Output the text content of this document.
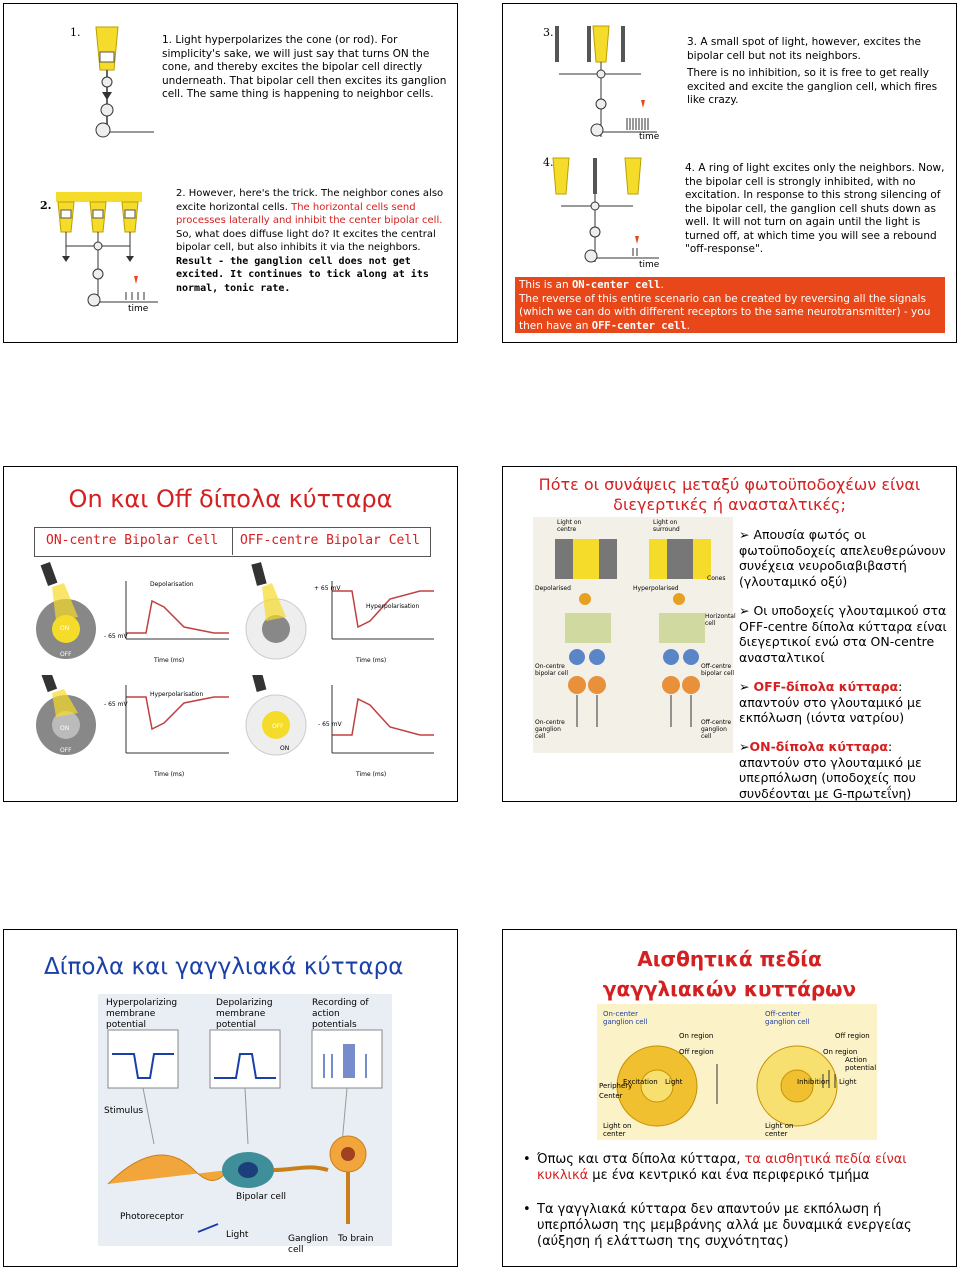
1.
1. Light hyperpolarizes the cone (or rod). For simplicity's sake, we will just say that turns ON the cone, and thereby excites the bipolar cell directly underneath. That bipolar cell then excites its ganglion cell. The same thing is happening to neighbor cells.
2.
time
2. However, here's the trick. The neighbor cones also excite horizontal cells. The horizontal cells send processes laterally and inhibit the center bipolar cell.
So, what does diffuse light do? It excites the central bipolar cell, but also inhibits it via the neighbors.
Result - the ganglion cell does not get excited. It continues to tick along at its normal, tonic rate.
3.
time
3. A small spot of light, however, excites the bipolar cell but not its neighbors.
There is no inhibition, so it is free to get really excited and excite the ganglion cell, which fires like crazy.
4.
time
4. A ring of light excites only the neighbors. Now, the bipolar cell is strongly inhibited, with no excitation. In response to this strong silencing of the bipolar cell, the ganglion cell shuts down as well. It will not turn on again until the light is turned off, at which time you will see a rebound "off-response".
This is an ON-center cell.
The reverse of this entire scenario can be created by reversing all the signals (which we can do with different receptors to the same neurotransmitter) - you then have an OFF-center cell.
On και Off δίπολα κύτταρα
ON-centre Bipolar Cell OFF-centre Bipolar Cell
Depolarisation
- 65 mV
ON
OFF
Time (ms)
Hyperpolarisation
+ 65 mV
Time (ms)
Hyperpolarisation
- 65 mV
ON
OFF
Time (ms)
- 65 mV
ON
OFF
Time (ms)
Πότε οι συνάψεις μεταξύ φωτοϋποδοχέων είναι διεγερτικές ή ανασταλτικές;
Light on centre
Light on surround
Cones
Depolarised	Hyperpolarised
Horizontal cell
On-centre bipolar cell
Off-centre bipolar cell
On-centre ganglion cell
Off-centre ganglion cell
➢ Απουσία φωτός οι φωτοϋποδοχείς απελευθερώνουν συνέχεια νευροδιαβιβαστή (γλουταμικό οξύ)
➢ Οι υποδοχείς γλουταμικού στα OFF-centre δίπολα κύτταρα είναι διεγερτικοί ενώ στα ON-centre ανασταλτικοί
➢ OFF-δίπολα κύτταρα: απαντούν στο γλουταμικό με εκπόλωση (ιόντα νατρίου)
➢ON-δίπολα κύτταρα: απαντούν στο γλουταμικό με υπερπόλωση (υποδοχείς που συνδέονται με G-πρωτεΐνη)
Δίπολα και γαγγλιακά κύτταρα
Hyperpolarizing membrane potential
Depolarizing membrane potential
Recording of action potentials
Stimulus
Photoreceptor
Bipolar cell
Light	Ganglion cell
To brain
Αισθητικά πεδία γαγγλιακών κυττάρων
On-center ganglion cell
Off-center ganglion cell
On region
Off region
Off region
On region
Action potential
Excitation Light	Inhibition Light
Periphery
Center
Light on center
Light on center
• Όπως και στα δίπολα κύτταρα, τα αισθητικά πεδία είναι κυκλικά με ένα κεντρικό και ένα περιφερικό τμήμα
• Τα γαγγλιακά κύτταρα δεν απαντούν με εκπόλωση ή υπερπόλωση της μεμβράνης αλλά με δυναμικά ενεργείας (αύξηση ή ελάττωση της συχνότητας)
